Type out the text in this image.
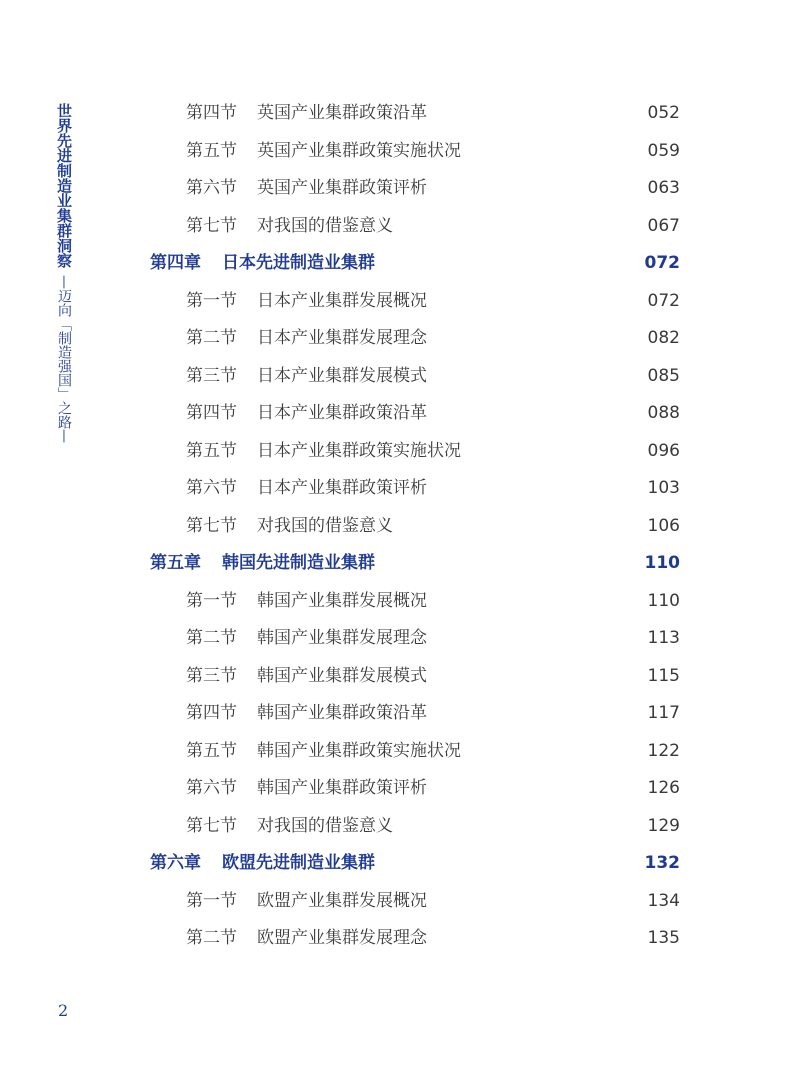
世界先进制造业集群洞察
—迈向「制造强国」之路—
第四节 英国产业集群政策沿革	052
第五节 英国产业集群政策实施状况	059
第六节 英国产业集群政策评析	063
第七节 对我国的借鉴意义	067
第四章 日本先进制造业集群	072
第一节 日本产业集群发展概况	072
第二节 日本产业集群发展理念	082
第三节 日本产业集群发展模式	085
第四节 日本产业集群政策沿革	088
第五节 日本产业集群政策实施状况	096
第六节 日本产业集群政策评析	103
第七节 对我国的借鉴意义	106
第五章 韩国先进制造业集群	110
第一节 韩国产业集群发展概况	110
第二节 韩国产业集群发展理念	113
第三节 韩国产业集群发展模式	115
第四节 韩国产业集群政策沿革	117
第五节 韩国产业集群政策实施状况	122
第六节 韩国产业集群政策评析	126
第七节 对我国的借鉴意义	129
第六章 欧盟先进制造业集群	132
第一节 欧盟产业集群发展概况	134
第二节 欧盟产业集群发展理念	135
2
